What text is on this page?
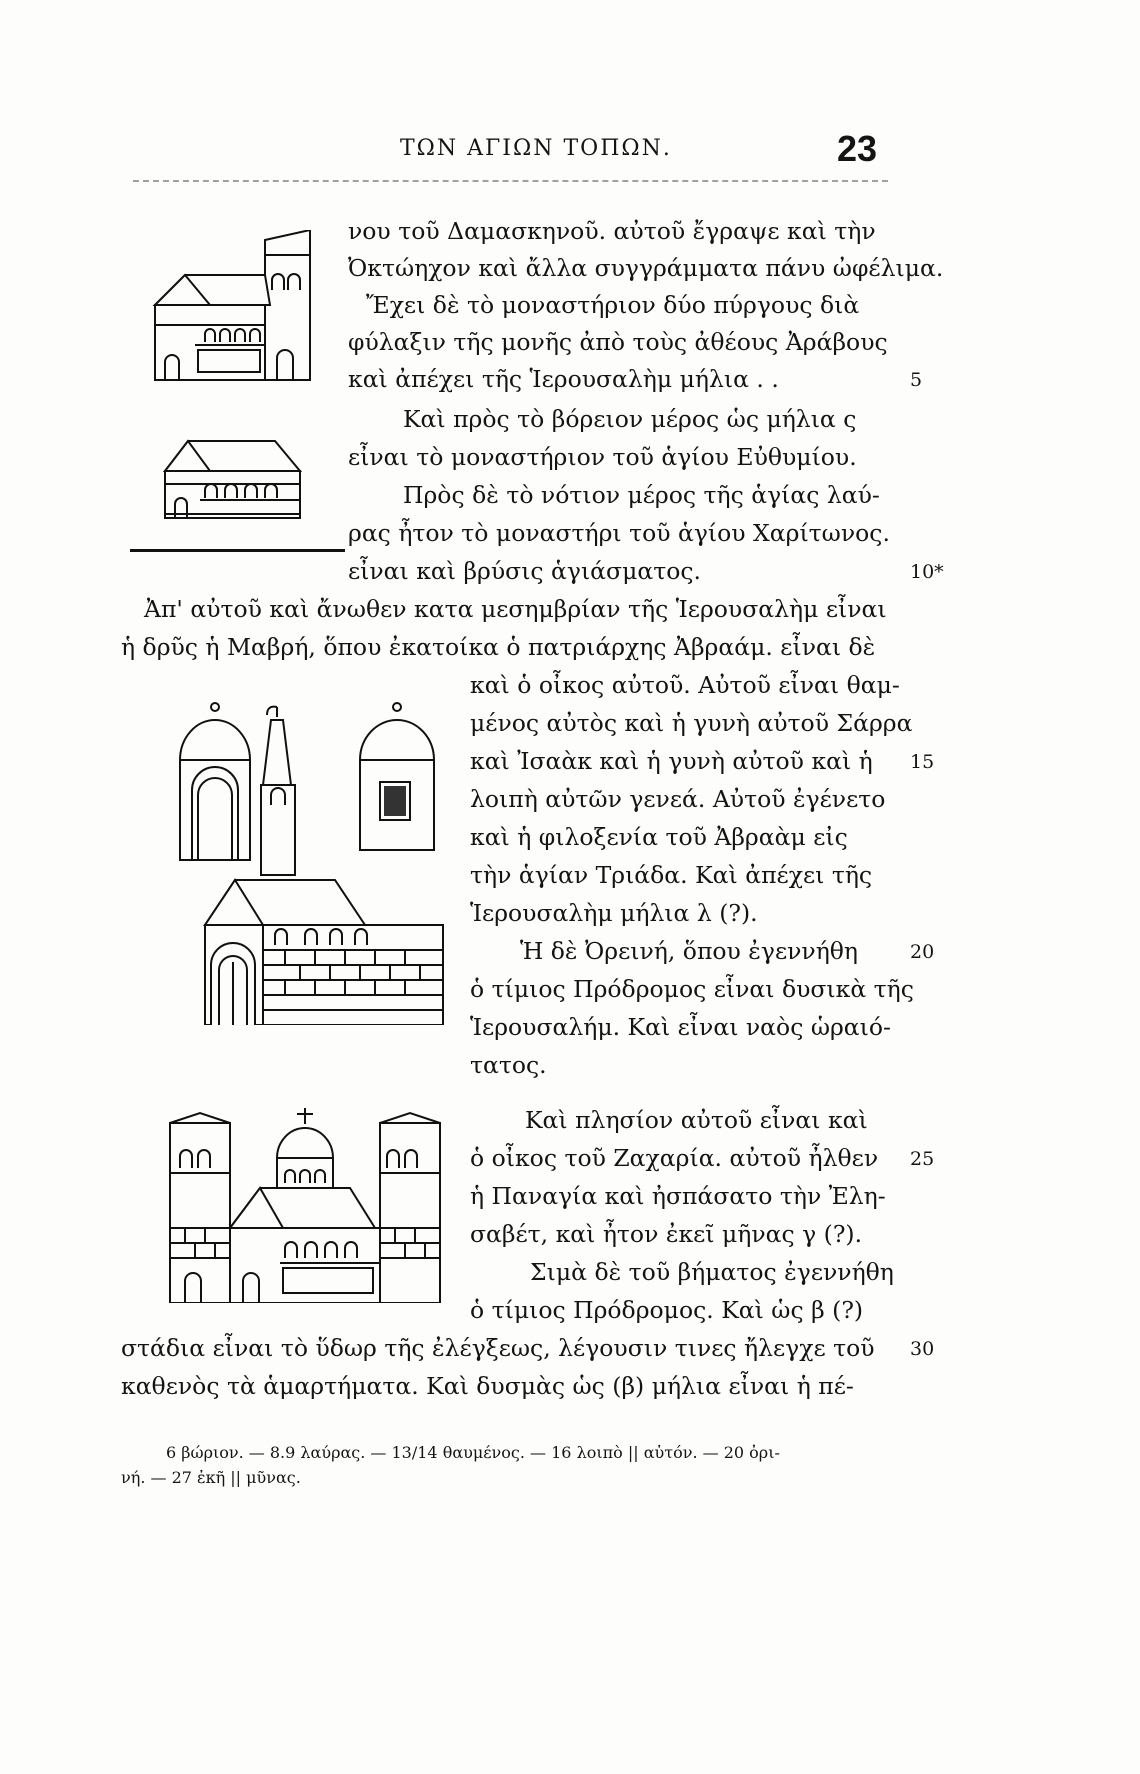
ΤΩΝ ΑΓΙΩΝ ΤΟΠΩΝ.	23
νου τοῦ Δαμασκηνοῦ. αὐτοῦ ἔγραψε καὶ τὴν
Ὀκτώηχον καὶ ἄλλα συγγράμματα πάνυ ὠφέλιμα.
Ἔχει δὲ τὸ μοναστήριον δύο πύργους διὰ
φύλαξιν τῆς μονῆς ἀπὸ τοὺς ἀθέους Ἀράβους
καὶ ἀπέχει τῆς Ἱερουσαλὴμ μήλια . .
Καὶ πρὸς τὸ βόρειον μέρος ὡς μήλια ς
εἶναι τὸ μοναστήριον τοῦ ἁγίου Εὐθυμίου.
Πρὸς δὲ τὸ νότιον μέρος τῆς ἁγίας λαύ-
ρας ἦτον τὸ μοναστήρι τοῦ ἁγίου Χαρίτωνος.
εἶναι καὶ βρύσις ἁγιάσματος.
Ἀπ' αὐτοῦ καὶ ἄνωθεν κατα μεσημβρίαν τῆς Ἱερουσαλὴμ εἶναι
ἡ δρῦς ἡ Μαβρή, ὅπου ἐκατοίκα ὁ πατριάρχης Ἀβραάμ. εἶναι δὲ
καὶ ὁ οἶκος αὐτοῦ. Αὐτοῦ εἶναι θαμ-
μένος αὐτὸς καὶ ἡ γυνὴ αὐτοῦ Σάρρα
καὶ Ἰσαὰκ καὶ ἡ γυνὴ αὐτοῦ καὶ ἡ
λοιπὴ αὐτῶν γενεά. Αὐτοῦ ἐγένετο
καὶ ἡ φιλοξενία τοῦ Ἀβραὰμ εἰς
τὴν ἁγίαν Τριάδα. Καὶ ἀπέχει τῆς
Ἱερουσαλὴμ μήλια λ (?).
Ἡ δὲ Ὀρεινή, ὅπου ἐγεννήθη
ὁ τίμιος Πρόδρομος εἶναι δυσικὰ τῆς
Ἱερουσαλήμ. Καὶ εἶναι ναὸς ὡραιό-
τατος.
Καὶ πλησίον αὐτοῦ εἶναι καὶ
ὁ οἶκος τοῦ Ζαχαρία. αὐτοῦ ἦλθεν
ἡ Παναγία καὶ ἠσπάσατο τὴν Ἐλη-
σαβέτ, καὶ ἦτον ἐκεῖ μῆνας γ (?).
Σιμὰ δὲ τοῦ βήματος ἐγεννήθη
ὁ τίμιος Πρόδρομος. Καὶ ὡς β (?)
στάδια εἶναι τὸ ὕδωρ τῆς ἐλέγξεως, λέγουσιν τινες ἤλεγχε τοῦ
καθενὸς τὰ ἁμαρτήματα. Καὶ δυσμὰς ὡς (β) μήλια εἶναι ἡ πέ-
5
10*
15
20
25
30
6 βώριον. — 8.9 λαύρας. — 13/14 θαυμένος. — 16 λοιπὸ || αὐτόν. — 20 ὀρι-
νή. — 27 ἐκῆ || μῦνας.
